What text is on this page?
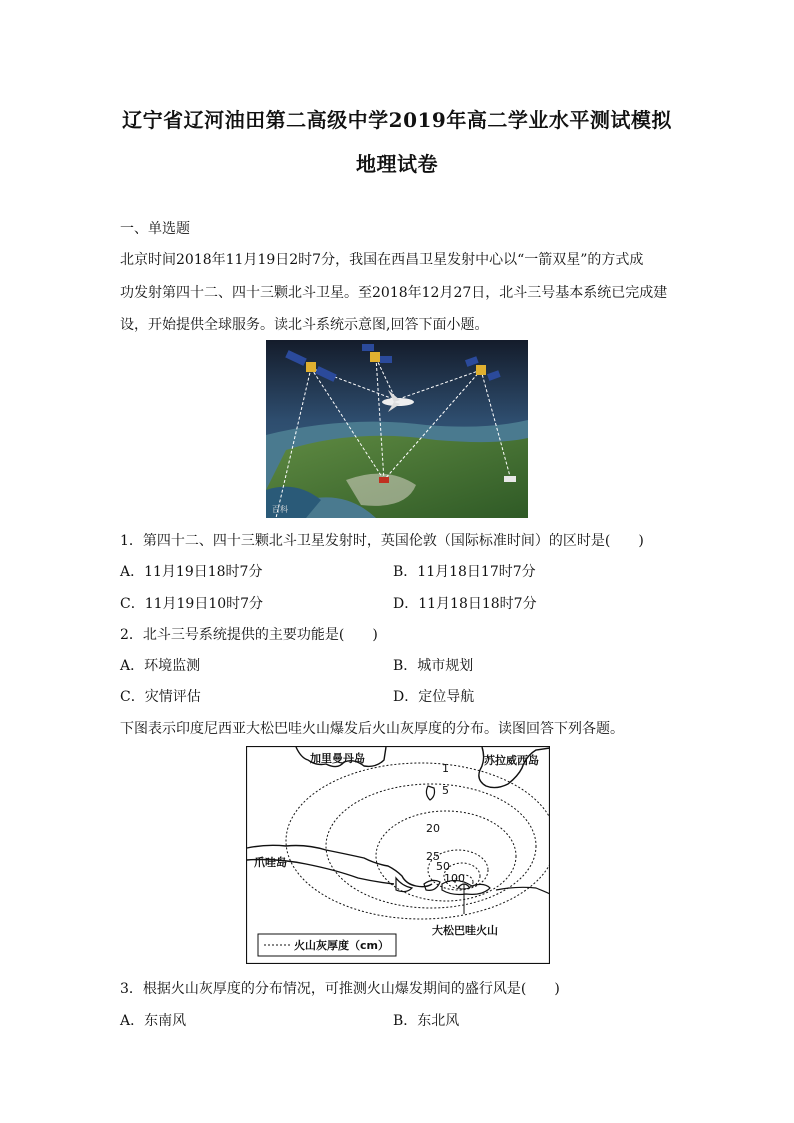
辽宁省辽河油田第二高级中学2019年高二学业水平测试模拟
地理试卷
一、单选题
北京时间2018年11月19日2时7分，我国在西昌卫星发射中心以“一箭双星”的方式成
功发射第四十二、四十三颗北斗卫星。至2018年12月27日，北斗三号基本系统已完成建
设，开始提供全球服务。读北斗系统示意图,回答下面小题。
百科
1．第四十二、四十三颗北斗卫星发射时，英国伦敦（国际标准时间）的区时是(　　)
A．11月19日18时7分	B．11月18日17时7分
C．11月19日10时7分	D．11月18日18时7分
2．北斗三号系统提供的主要功能是(　　)
A．环境监测	B．城市规划
C．灾情评估	D．定位导航
下图表示印度尼西亚大松巴哇火山爆发后火山灰厚度的分布。读图回答下列各题。
加里曼丹岛	苏拉威西岛
爪哇岛
大松巴哇火山
1
5
20
25
50
100
火山灰厚度（cm）
3．根据火山灰厚度的分布情况，可推测火山爆发期间的盛行风是(　　)
A．东南风	B．东北风
